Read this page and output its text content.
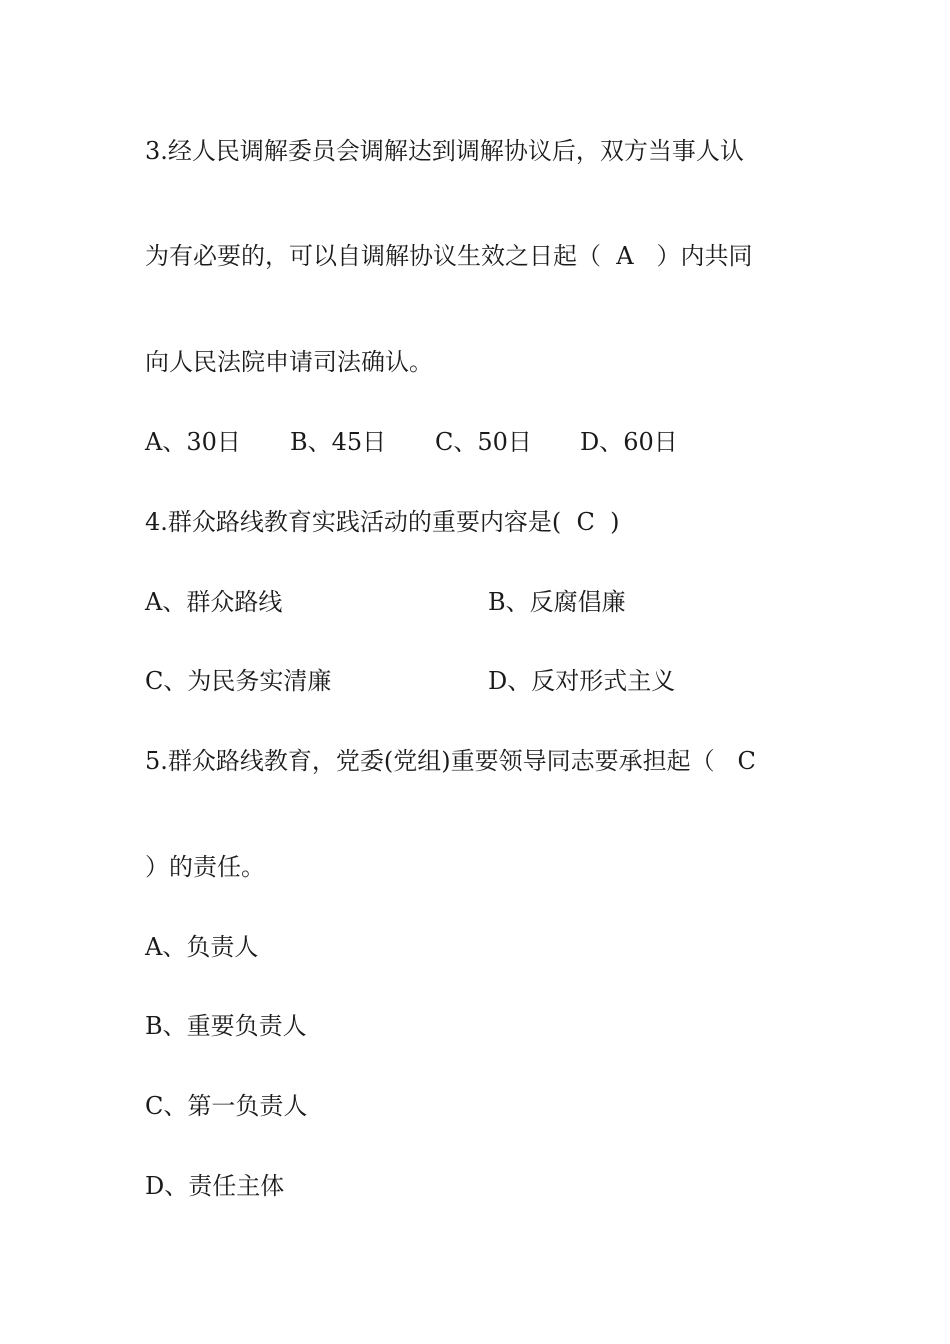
3.经人民调解委员会调解达到调解协议后，双方当事人认

为有必要的，可以自调解协议生效之日起（  A   ）内共同

向人民法院申请司法确认。

A、30日 B、45日 C、50日 D、60日

4.群众路线教育实践活动的重要内容是(  C  )

A、群众路线	B、反腐倡廉
C、为民务实清廉	D、反对形式主义

5.群众路线教育，党委(党组)重要领导同志要承担起（   C

）的责任。

A、负责人

B、重要负责人

C、第一负责人

D、责任主体
